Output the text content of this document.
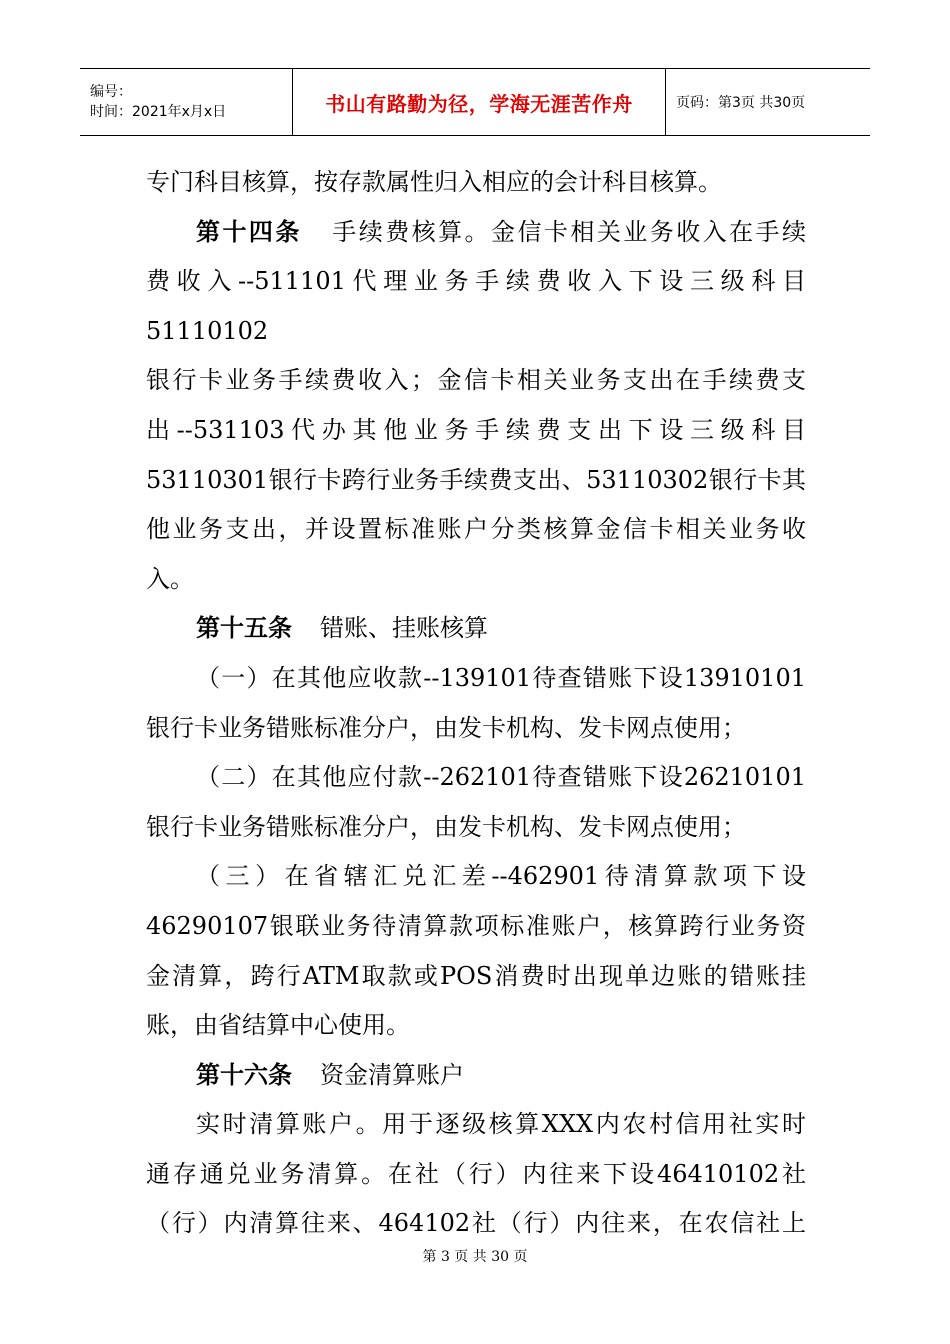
编号：
时间：2021年x月x日	书山有路勤为径，学海无涯苦作舟	页码：第3页 共30页

专门科目核算，按存款属性归入相应的会计科目核算。

第十四条 手续费核算。金信卡相关业务收入在手续

费收入--511101代理业务手续费收入下设三级科目51110102

银行卡业务手续费收入；金信卡相关业务支出在手续费支

出--531103代办其他业务手续费支出下设三级科目

53110301银行卡跨行业务手续费支出、53110302银行卡其

他业务支出，并设置标准账户分类核算金信卡相关业务收

入。

第十五条 错账、挂账核算

（一）在其他应收款--139101待查错账下设13910101

银行卡业务错账标准分户，由发卡机构、发卡网点使用；

（二）在其他应付款--262101待查错账下设26210101

银行卡业务错账标准分户，由发卡机构、发卡网点使用；

（三）在省辖汇兑汇差--462901待清算款项下设

46290107银联业务待清算款项标准账户，核算跨行业务资

金清算，跨行ATM取款或POS消费时出现单边账的错账挂

账，由省结算中心使用。

第十六条 资金清算账户

实时清算账户。用于逐级核算XXX内农村信用社实时

通存通兑业务清算。在社（行）内往来下设46410102社

（行）内清算往来、464102社（行）内往来，在农信社上

第 3 页 共 30 页
